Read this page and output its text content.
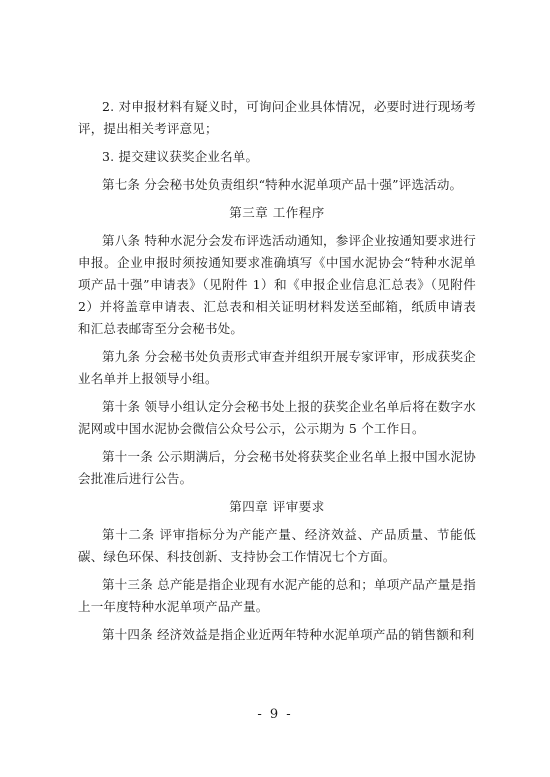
2. 对申报材料有疑义时，可询问企业具体情况，必要时进行现场考评，提出相关考评意见；

3. 提交建议获奖企业名单。

第七条 分会秘书处负责组织“特种水泥单项产品十强”评选活动。

第三章 工作程序

第八条 特种水泥分会发布评选活动通知，参评企业按通知要求进行申报。企业申报时须按通知要求准确填写《中国水泥协会“特种水泥单项产品十强”申请表》（见附件 1）和《申报企业信息汇总表》（见附件 2）并将盖章申请表、汇总表和相关证明材料发送至邮箱，纸质申请表和汇总表邮寄至分会秘书处。

第九条 分会秘书处负责形式审查并组织开展专家评审，形成获奖企业名单并上报领导小组。

第十条 领导小组认定分会秘书处上报的获奖企业名单后将在数字水泥网或中国水泥协会微信公众号公示，公示期为 5 个工作日。

第十一条 公示期满后，分会秘书处将获奖企业名单上报中国水泥协会批准后进行公告。

第四章 评审要求

第十二条 评审指标分为产能产量、经济效益、产品质量、节能低碳、绿色环保、科技创新、支持协会工作情况七个方面。

第十三条 总产能是指企业现有水泥产能的总和；单项产品产量是指上一年度特种水泥单项产品产量。

第十四条 经济效益是指企业近两年特种水泥单项产品的销售额和利

- 9 -
